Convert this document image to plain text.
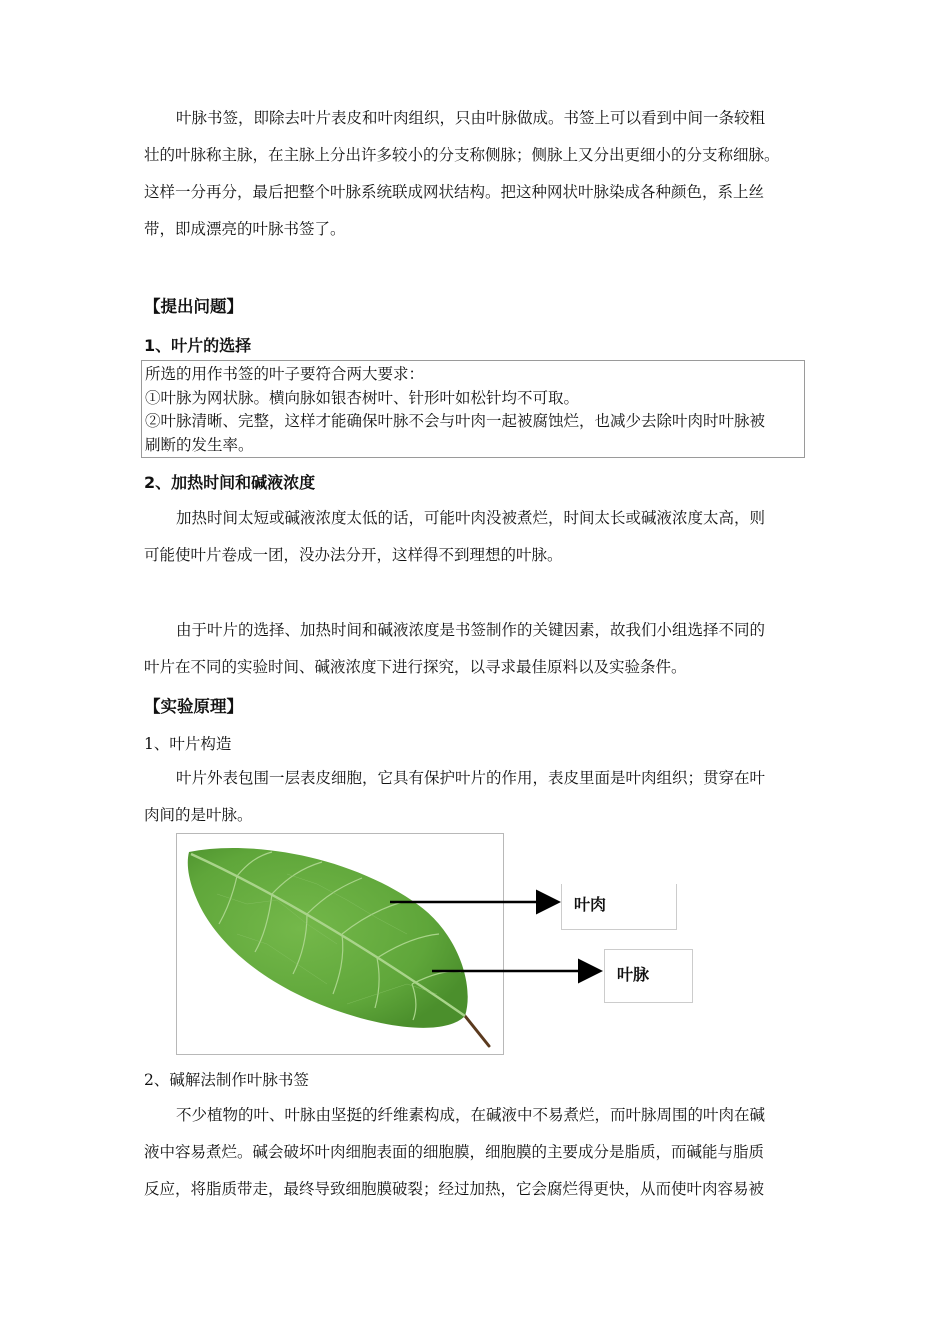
叶脉书签，即除去叶片表皮和叶肉组织，只由叶脉做成。书签上可以看到中间一条较粗
壮的叶脉称主脉，在主脉上分出许多较小的分支称侧脉；侧脉上又分出更细小的分支称细脉。
这样一分再分，最后把整个叶脉系统联成网状结构。把这种网状叶脉染成各种颜色，系上丝
带，即成漂亮的叶脉书签了。
【提出问题】
1、叶片的选择
所选的用作书签的叶子要符合两大要求：
①叶脉为网状脉。横向脉如银杏树叶、针形叶如松针均不可取。
②叶脉清晰、完整，这样才能确保叶脉不会与叶肉一起被腐蚀烂，也减少去除叶肉时叶脉被
刷断的发生率。
2、加热时间和碱液浓度
加热时间太短或碱液浓度太低的话，可能叶肉没被煮烂，时间太长或碱液浓度太高，则
可能使叶片卷成一团，没办法分开，这样得不到理想的叶脉。
由于叶片的选择、加热时间和碱液浓度是书签制作的关键因素，故我们小组选择不同的
叶片在不同的实验时间、碱液浓度下进行探究，以寻求最佳原料以及实验条件。
【实验原理】
1、叶片构造
叶片外表包围一层表皮细胞，它具有保护叶片的作用，表皮里面是叶肉组织；贯穿在叶
肉间的是叶脉。
叶肉
叶脉
2、碱解法制作叶脉书签
不少植物的叶、叶脉由坚挺的纤维素构成，在碱液中不易煮烂，而叶脉周围的叶肉在碱
液中容易煮烂。碱会破坏叶肉细胞表面的细胞膜，细胞膜的主要成分是脂质，而碱能与脂质
反应，将脂质带走，最终导致细胞膜破裂；经过加热，它会腐烂得更快，从而使叶肉容易被
